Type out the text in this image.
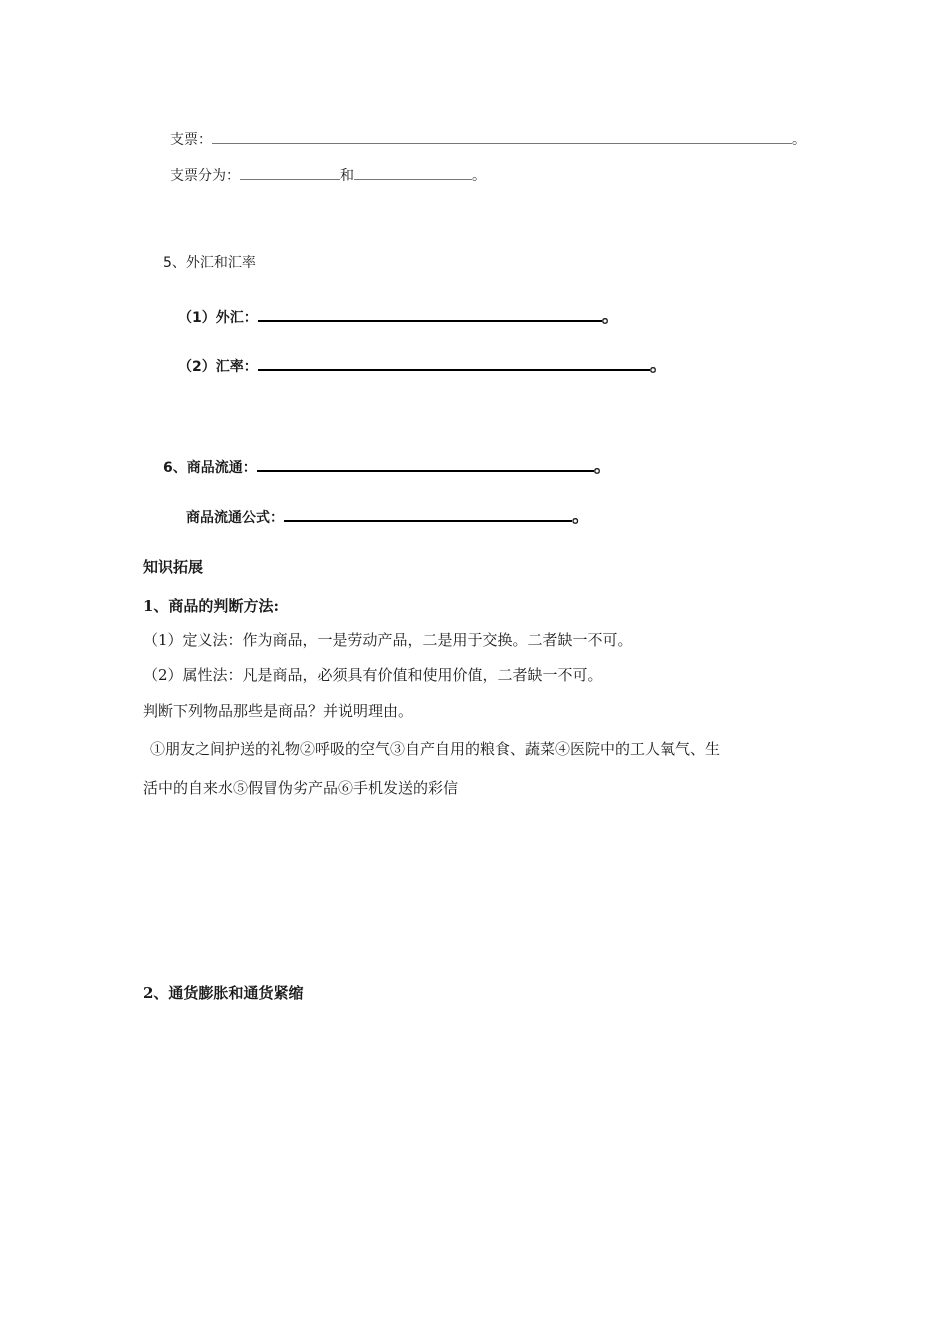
支票：	。
支票分为：	和	。
5、外汇和汇率
（1）外汇：	。
（2）汇率：	。
6、商品流通：	。
商品流通公式：	。
知识拓展
1、商品的判断方法:
（1）定义法：作为商品，一是劳动产品，二是用于交换。二者缺一不可。
（2）属性法：凡是商品，必须具有价值和使用价值，二者缺一不可。
判断下列物品那些是商品？并说明理由。
①朋友之间护送的礼物②呼吸的空气③自产自用的粮食、蔬菜④医院中的工人氧气、生
活中的自来水⑤假冒伪劣产品⑥手机发送的彩信
2、通货膨胀和通货紧缩
